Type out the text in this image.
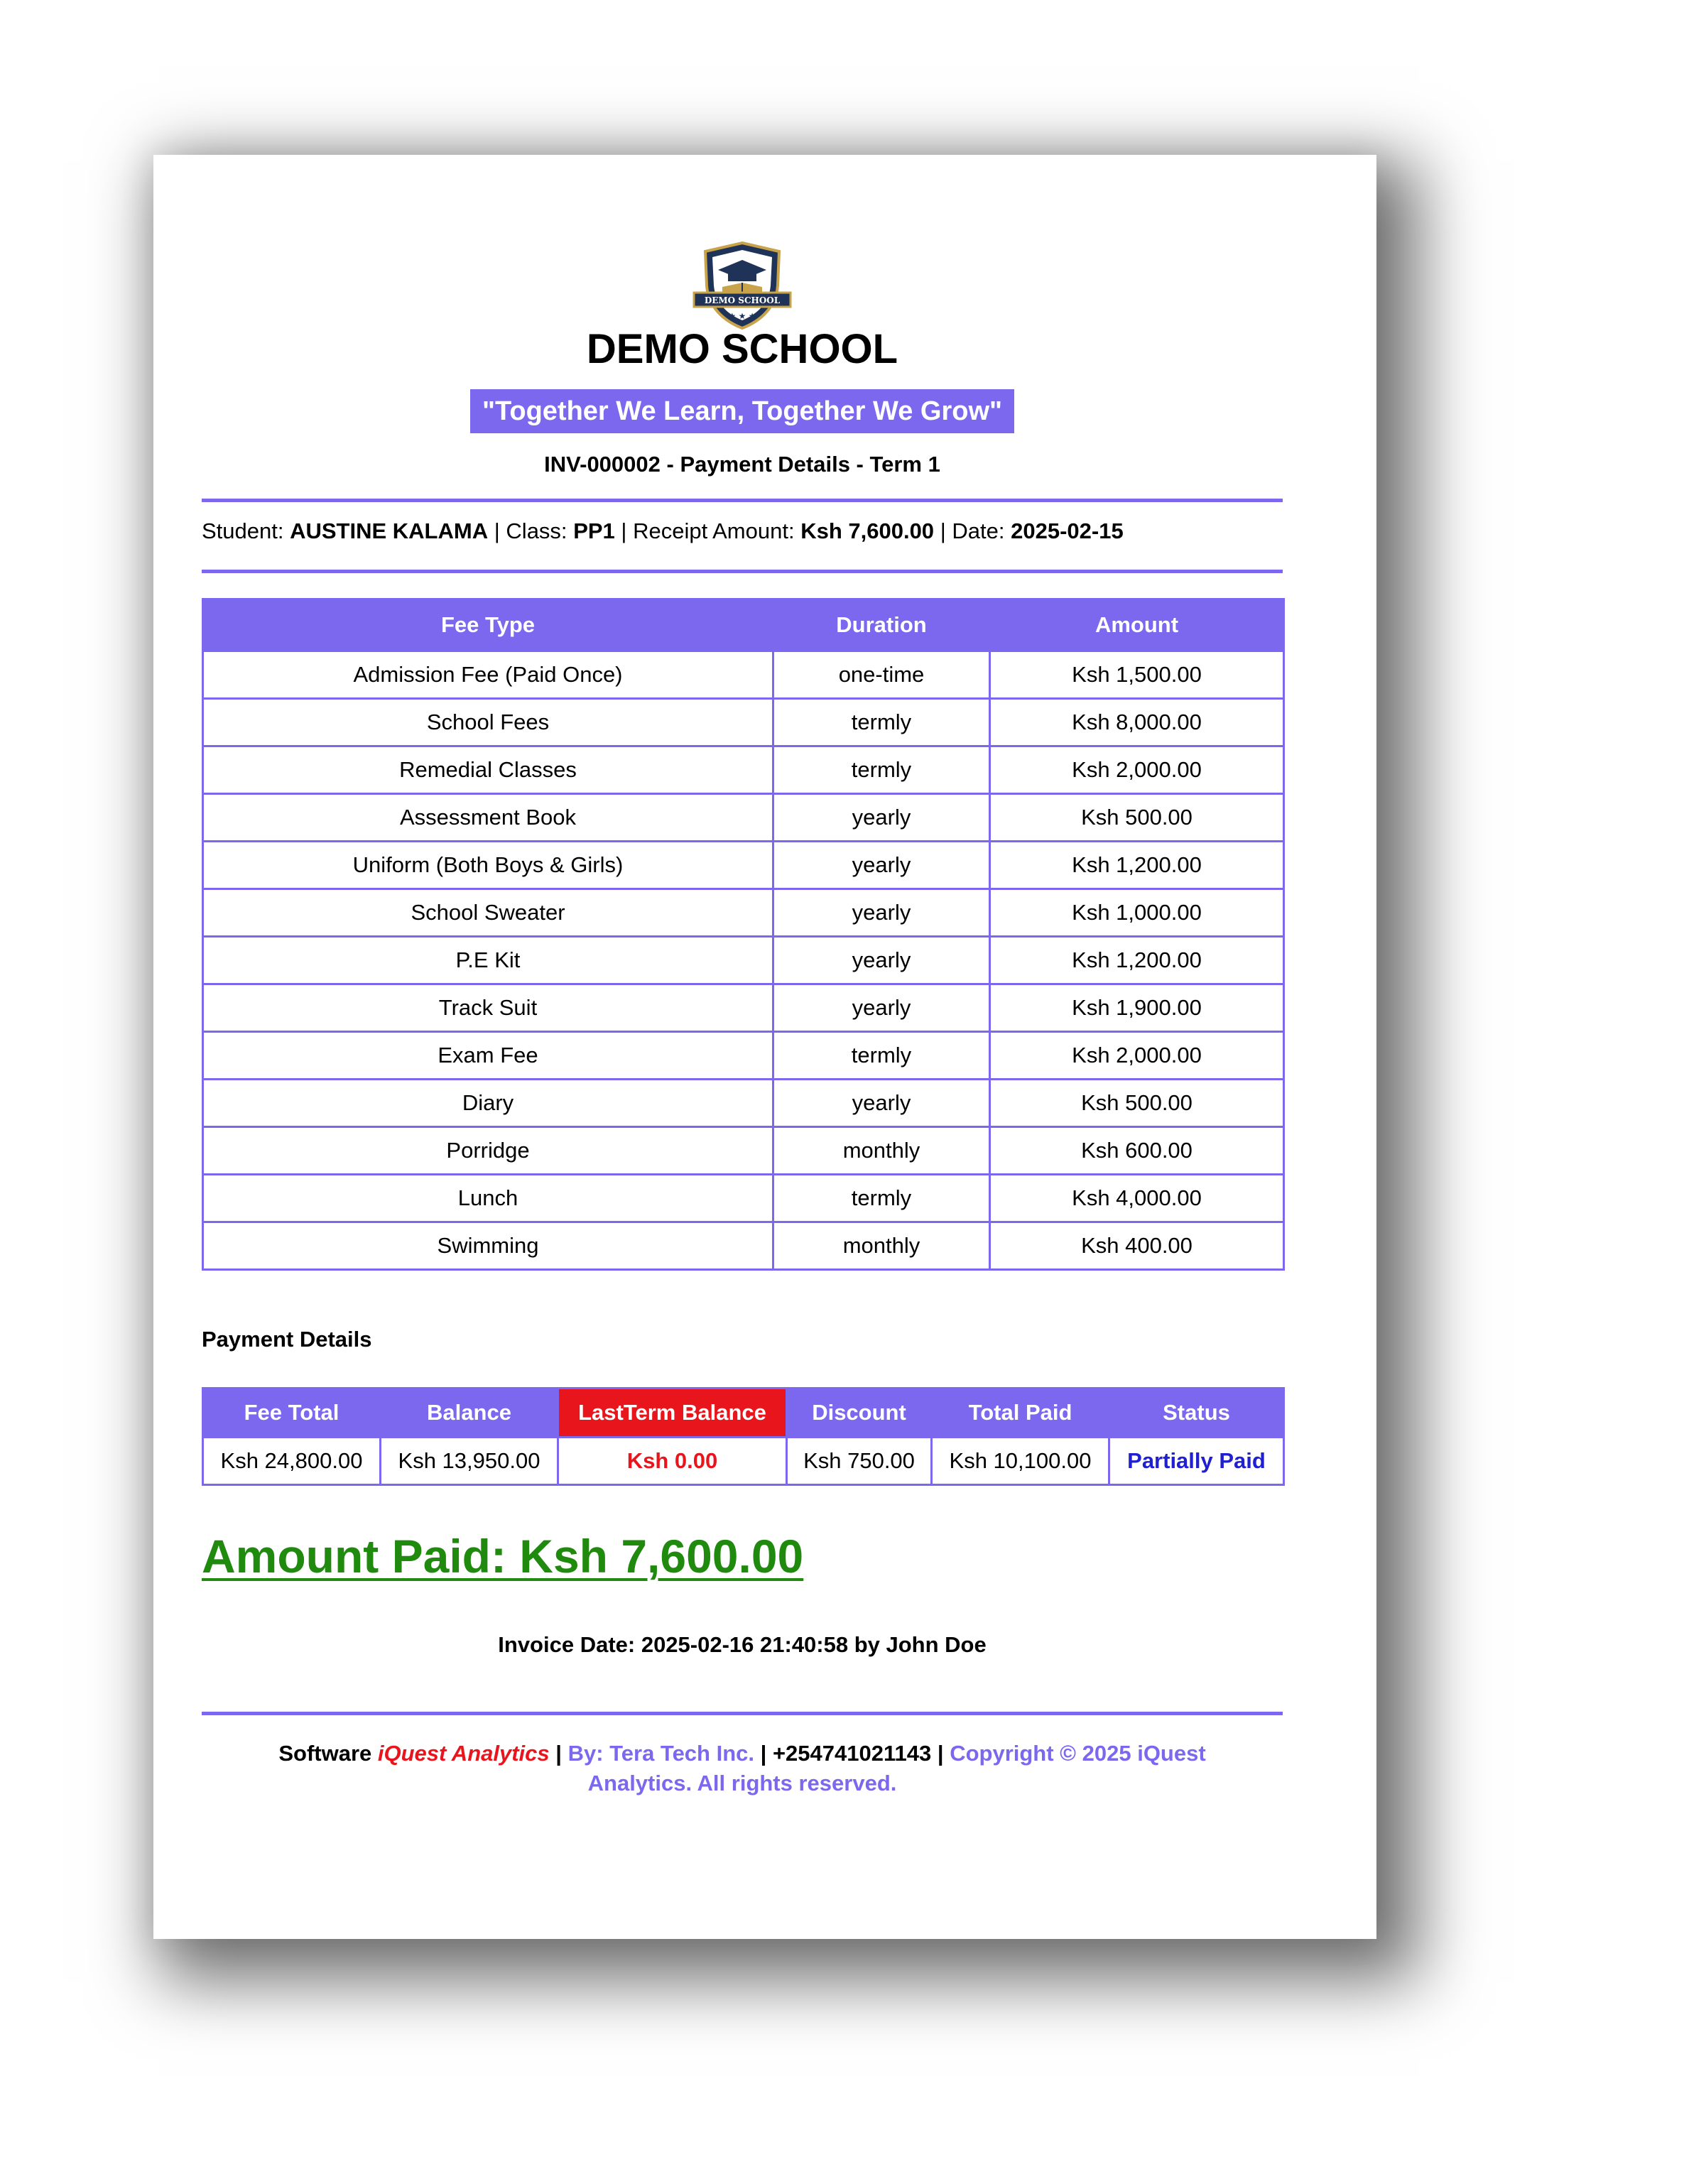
DEMO SCHOOL
★ ★ ★
DEMO SCHOOL
"Together We Learn, Together We Grow"
INV-000002 - Payment Details - Term 1
Student: AUSTINE KALAMA | Class: PP1 | Receipt Amount: Ksh 7,600.00 | Date: 2025-02-15
Fee Type	Duration	Amount
Admission Fee (Paid Once)	one-time	Ksh 1,500.00
School Fees	termly	Ksh 8,000.00
Remedial Classes	termly	Ksh 2,000.00
Assessment Book	yearly	Ksh 500.00
Uniform (Both Boys & Girls)	yearly	Ksh 1,200.00
School Sweater	yearly	Ksh 1,000.00
P.E Kit	yearly	Ksh 1,200.00
Track Suit	yearly	Ksh 1,900.00
Exam Fee	termly	Ksh 2,000.00
Diary	yearly	Ksh 500.00
Porridge	monthly	Ksh 600.00
Lunch	termly	Ksh 4,000.00
Swimming	monthly	Ksh 400.00
Payment Details
Fee Total	Balance	LastTerm Balance	Discount	Total Paid	Status
Ksh 24,800.00	Ksh 13,950.00	Ksh 0.00	Ksh 750.00	Ksh 10,100.00	Partially Paid
Amount Paid: Ksh 7,600.00
Invoice Date: 2025-02-16 21:40:58 by John Doe
Software iQuest Analytics | By: Tera Tech Inc. | +254741021143 | Copyright © 2025 iQuest Analytics. All rights reserved.
